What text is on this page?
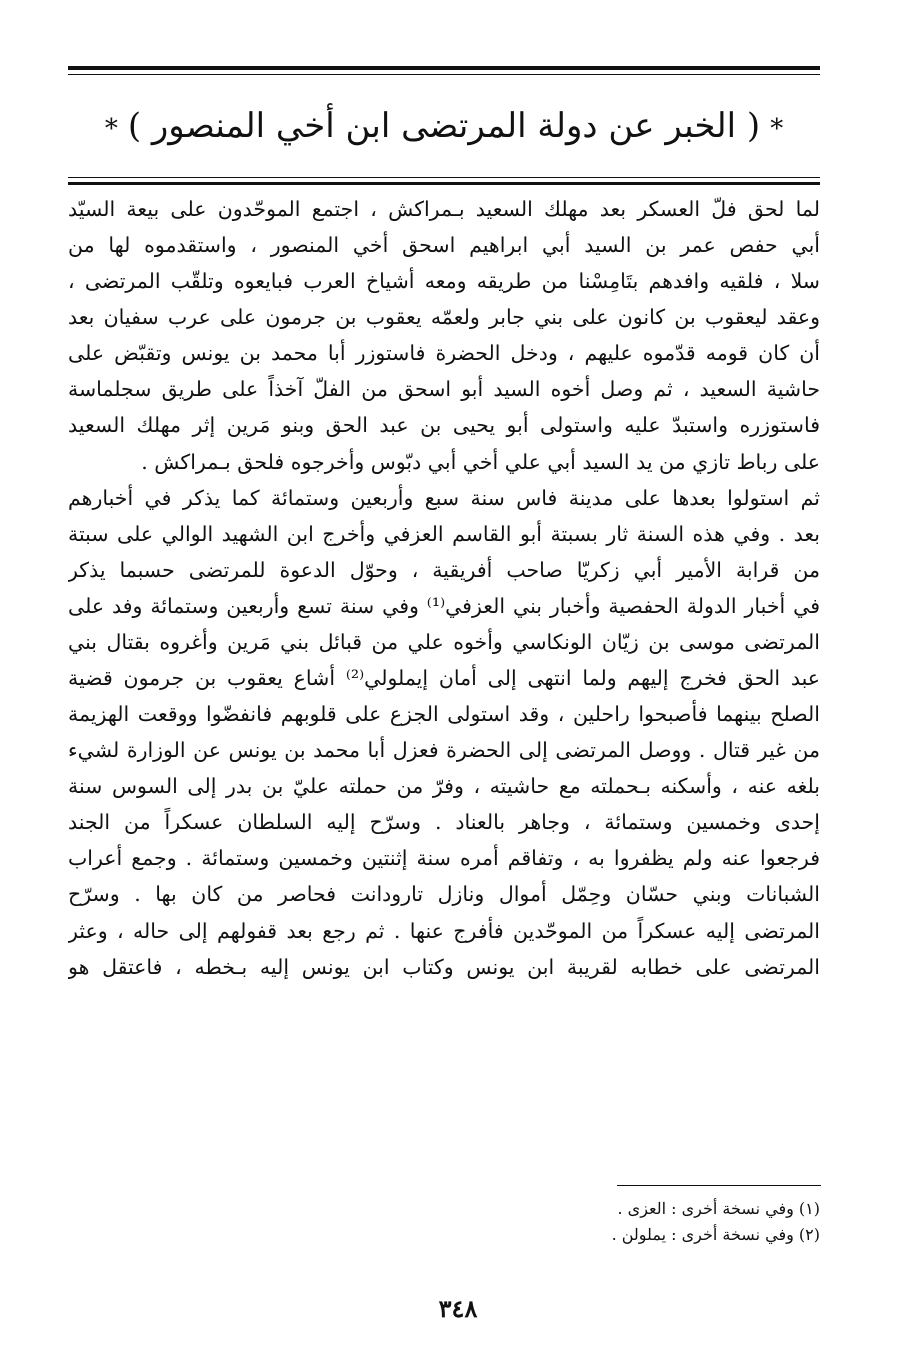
*( الخبر عن دولة المرتضى ابن أخي المنصور )*
لما لحق فلّ العسكر بعد مهلك السعيد بـمراكش ، اجتمع الموحّدون على بيعة السيّد
أبي حفص عمر بن السيد أبي ابراهيم اسحق أخي المنصور ، واستقدموه لها من
سلا ، فلقيه وافدهم بتَامِسْنا من طريقه ومعه أشياخ العرب فبايعوه وتلقّب المرتضى ،
وعقد ليعقوب بن كانون على بني جابر ولعمّه يعقوب بن جرمون على عرب سفيان بعد
أن كان قومه قدّموه عليهم ، ودخل الحضرة فاستوزر أبا محمد بن يونس وتقبّض على
حاشية السعيد ، ثم وصل أخوه السيد أبو اسحق من الفلّ آخذاً على طريق سجلماسة
فاستوزره واستبدّ عليه واستولى أبو يحيى بن عبد الحق وبنو مَرين إثر مهلك السعيد
على رباط تازي من يد السيد أبي علي أخي أبي دبّوس وأخرجوه فلحق بـمراكش .
ثم استولوا بعدها على مدينة فاس سنة سبع وأربعين وستمائة كما يذكر في أخبارهم
بعد . وفي هذه السنة ثار بسبتة أبو القاسم العزفي وأخرج ابن الشهيد الوالي على سبتة
من قرابة الأمير أبي زكريّا صاحب أفريقية ، وحوّل الدعوة للمرتضى حسبما يذكر
في أخبار الدولة الحفصية وأخبار بني العزفي⁽¹⁾ وفي سنة تسع وأربعين وستمائة وفد على
المرتضى موسى بن زيّان الونكاسي وأخوه علي من قبائل بني مَرين وأغروه بقتال بني
عبد الحق فخرج إليهم ولما انتهى إلى أمان إيملولي⁽²⁾ أشاع يعقوب بن جرمون قضية
الصلح بينهما فأصبحوا راحلين ، وقد استولى الجزع على قلوبهم فانفضّوا ووقعت الهزيمة
من غير قتال . ووصل المرتضى إلى الحضرة فعزل أبا محمد بن يونس عن الوزارة لشيء
بلغه عنه ، وأسكنه بـحملته مع حاشيته ، وفرّ من حملته عليّ بن بدر إلى السوس سنة
إحدى وخمسين وستمائة ، وجاهر بالعناد . وسرّح إليه السلطان عسكراً من الجند
فرجعوا عنه ولم يظفروا به ، وتفاقم أمره سنة إثنتين وخمسين وستمائة . وجمع أعراب
الشبانات وبني حسّان وحِمّل أموال ونازل تارودانت فحاصر من كان بها . وسرّح
المرتضى إليه عسكراً من الموحّدين فأفرج عنها . ثم رجع بعد قفولهم إلى حاله ، وعثر
المرتضى على خطابه لقريبة ابن يونس وكتاب ابن يونس إليه بـخطه ، فاعتقل هو
(١) وفي نسخة أخرى : العزى .
(٢) وفي نسخة أخرى : يملولن .
٣٤٨
